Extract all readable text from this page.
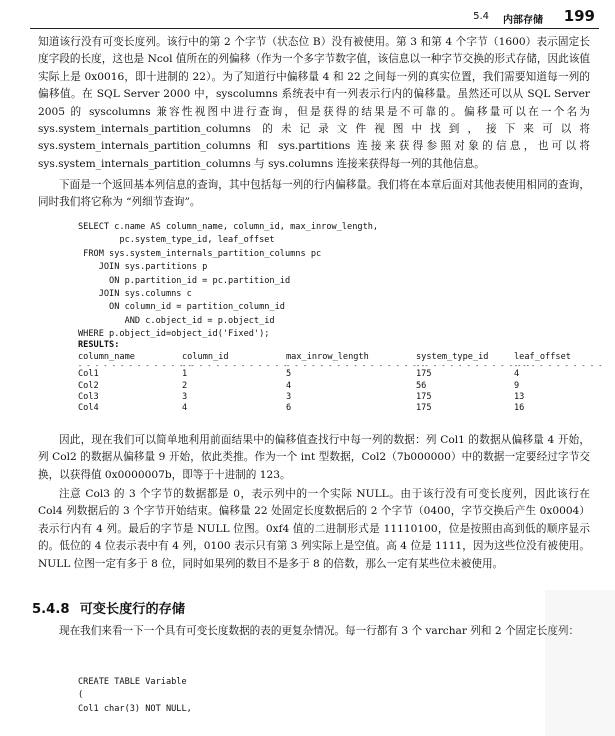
5.4 内部存储 199
知道该行没有可变长度列。该行中的第 2 个字节（状态位 B）没有被使用。第 3 和第 4 个字节（1600）表示固定长度字段的长度，这也是 Ncol 值所在的列偏移（作为一个多字节数字值，该信息以一种字节交换的形式存储，因此该值实际上是 0x0016，即十进制的 22）。为了知道行中偏移量 4 和 22 之间每一列的真实位置，我们需要知道每一列的偏移值。在 SQL Server 2000 中，syscolumns 系统表中有一列表示行内的偏移量。虽然还可以从 SQL Server 2005 的 syscolumns 兼容性视图中进行查询，但是获得的结果是不可靠的。偏移量可以在一个名为 sys.system_internals_partition_columns 的未记录文件视图中找到，接下来可以将 sys.system_internals_partition_columns 和 sys.partitions 连接来获得参照对象的信息，也可以将 sys.system_internals_partition_columns 与 sys.columns 连接来获得每一列的其他信息。
下面是一个返回基本列信息的查询，其中包括每一列的行内偏移量。我们将在本章后面对其他表使用相同的查询，同时我们将它称为 “列细节查询”。
SELECT c.name AS column_name, column_id, max_inrow_length,
pc.system_type_id, leaf_offset
FROM sys.system_internals_partition_columns pc
JOIN sys.partitions p
ON p.partition_id = pc.partition_id
JOIN sys.columns c
ON column_id = partition_column_id
AND c.object_id = p.object_id
WHERE p.object_id=object_id('Fixed');
RESULTS:
column_name	column_id	max_inrow_length	system_type_id	leaf_offset
- - - - - - - - - - - - - -	- - - - - - - - - - - - -	- - - - - - - - - - - - - - - - -	- - - - - - - - - - - - - -	- - - - - - - - - - -
Col1	1	5	175	4
Col2	2	4	56	9
Col3	3	3	175	13
Col4	4	6	175	16
因此，现在我们可以简单地利用前面结果中的偏移值查找行中每一列的数据：列 Col1 的数据从偏移量 4 开始，列 Col2 的数据从偏移量 9 开始，依此类推。作为一个 int 型数据，Col2（7b000000）中的数据一定要经过字节交换，以获得值 0x0000007b，即等于十进制的 123。
注意 Col3 的 3 个字节的数据都是 0，表示列中的一个实际 NULL。由于该行没有可变长度列，因此该行在 Col4 列数据后的 3 个字节开始结束。偏移量 22 处固定长度数据后的 2 个字节（0400，字节交换后产生 0x0004）表示行内有 4 列。最后的字节是 NULL 位图。0xf4 值的二进制形式是 11110100，位是按照由高到低的顺序显示的。低位的 4 位表示表中有 4 列，0100 表示只有第 3 列实际上是空值。高 4 位是 1111，因为这些位没有被使用。NULL 位图一定有多于 8 位，同时如果列的数目不是多于 8 的倍数，那么一定有某些位未被使用。
5.4.8 可变长度行的存储
现在我们来看一下一个具有可变长度数据的表的更复杂情况。每一行都有 3 个 varchar 列和 2 个固定长度列：
CREATE TABLE Variable
(
Col1 char(3) NOT NULL,
